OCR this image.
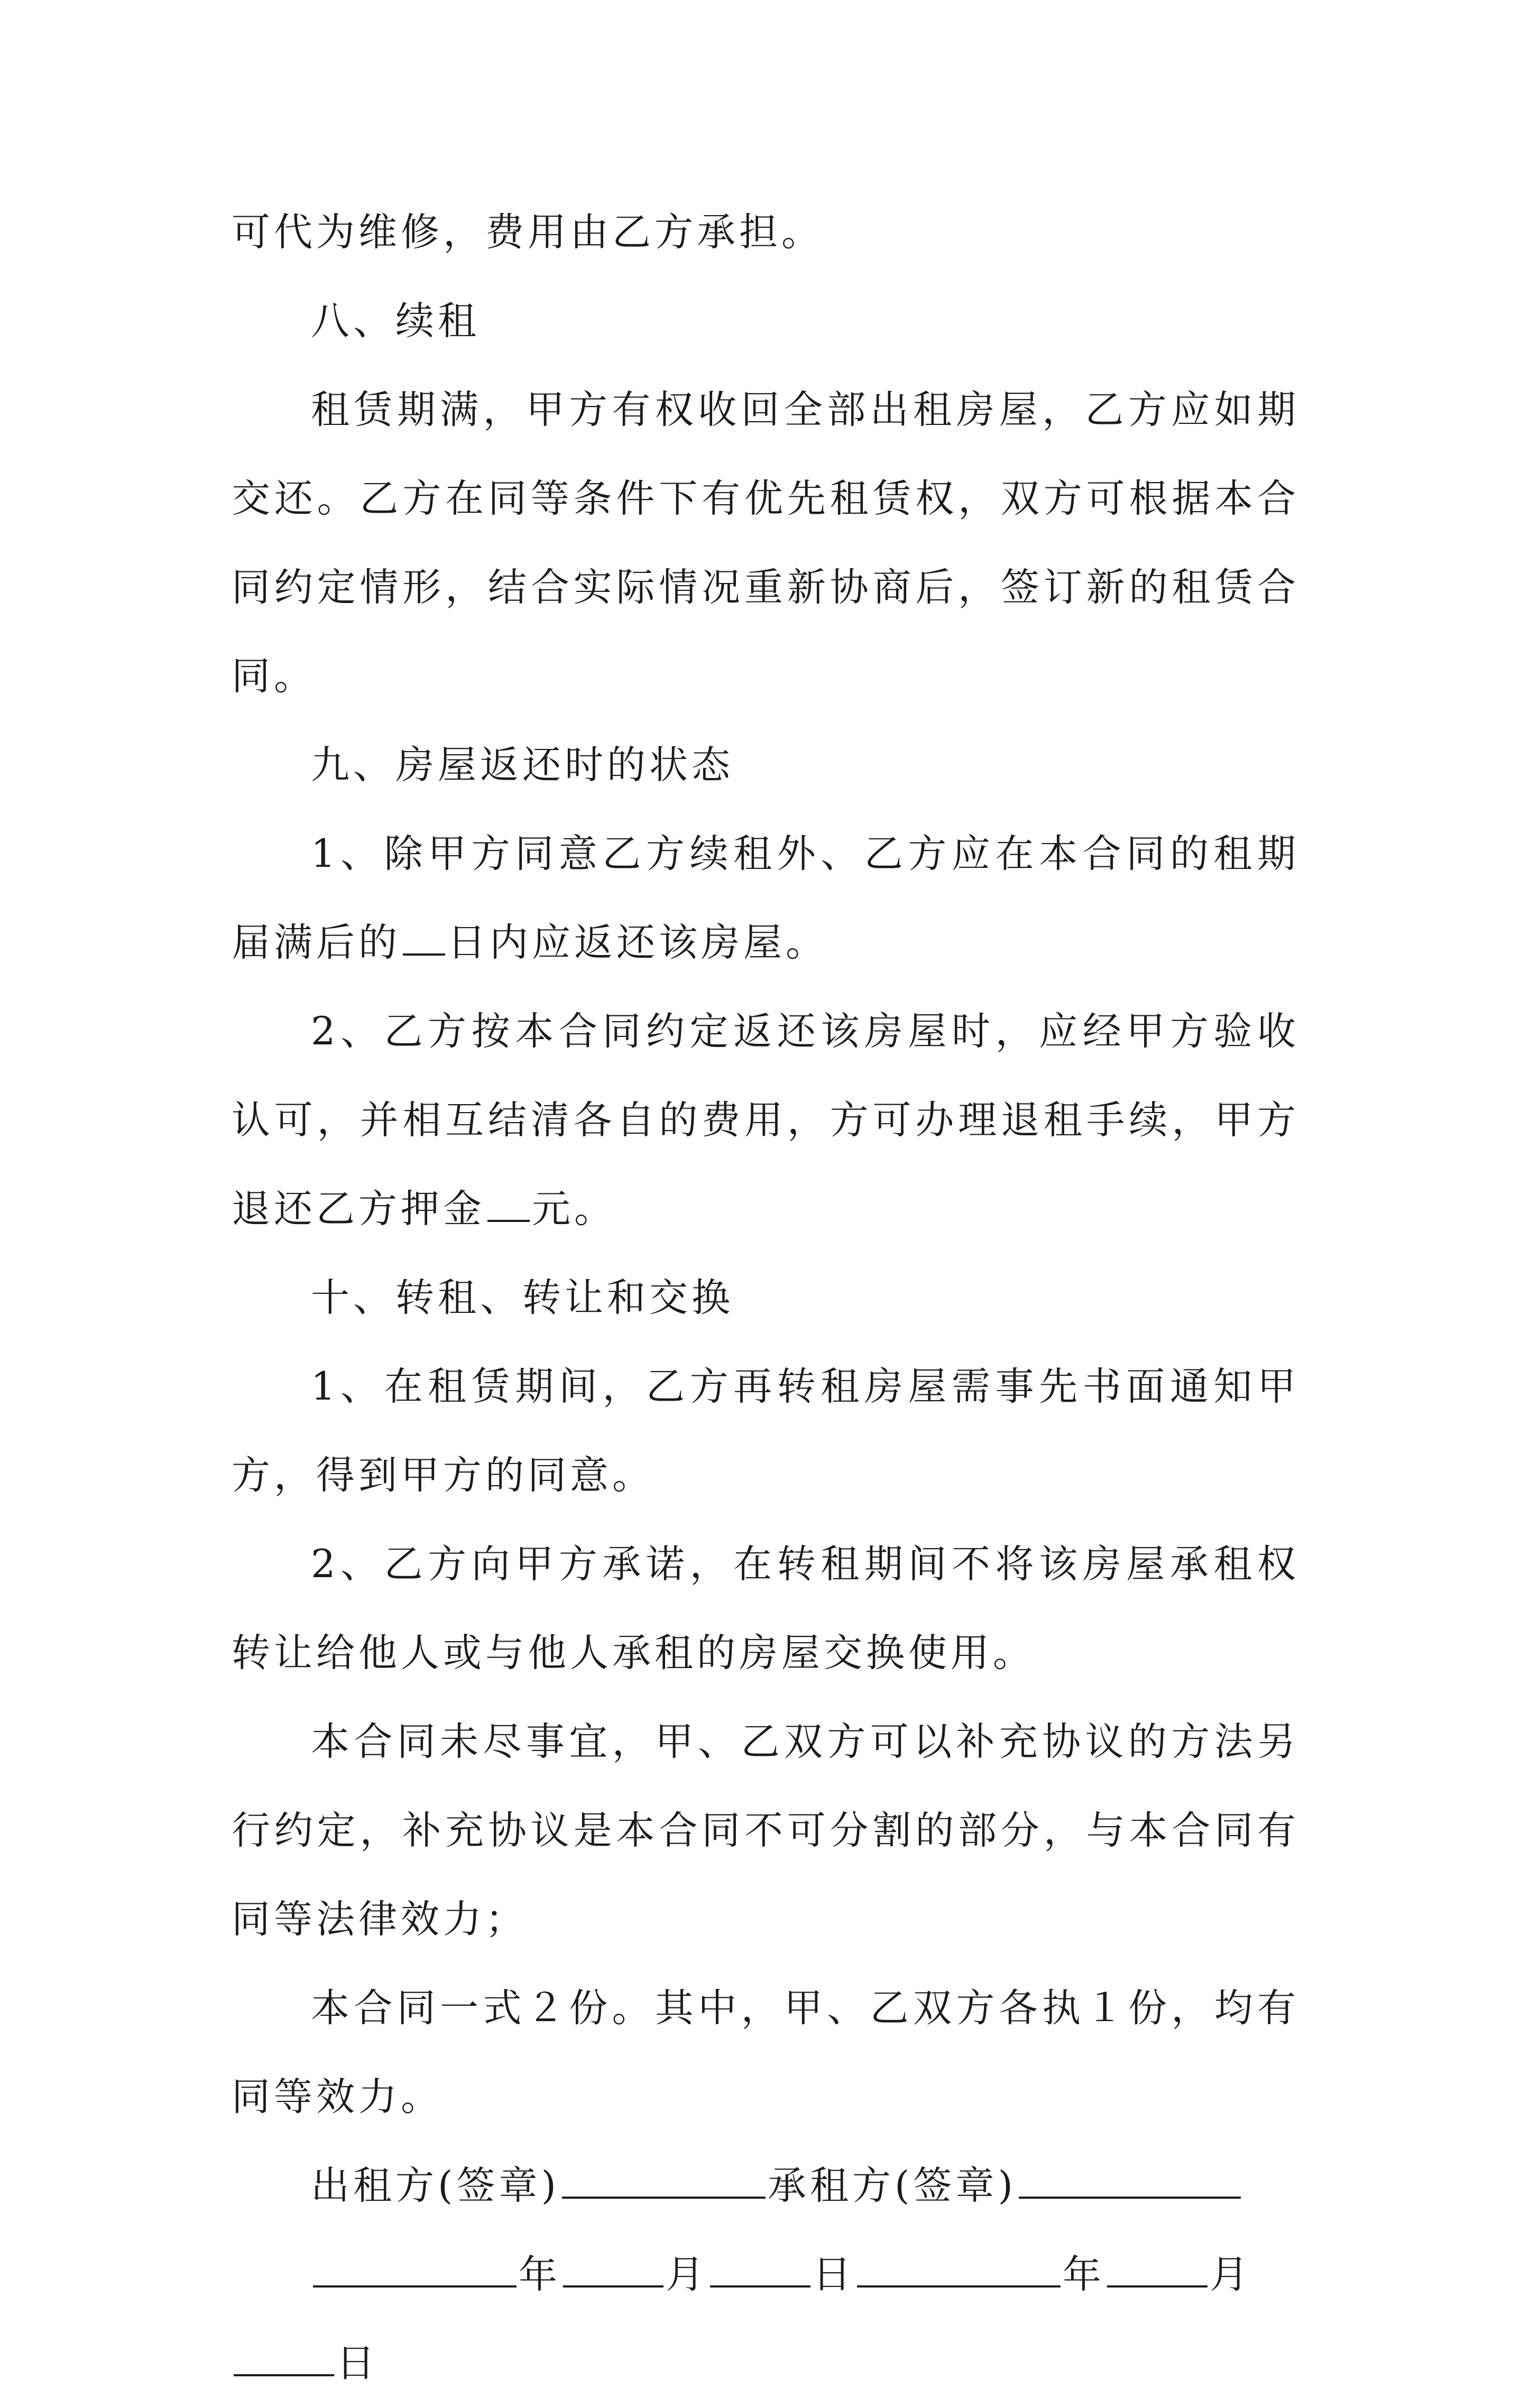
可代为维修，费用由乙方承担。

八、续租

租赁期满，甲方有权收回全部出租房屋，乙方应如期交还。乙方在同等条件下有优先租赁权，双方可根据本合同约定情形，结合实际情况重新协商后，签订新的租赁合同。

九、房屋返还时的状态

1、除甲方同意乙方续租外、乙方应在本合同的租期届满后的 日内应返还该房屋。

2、乙方按本合同约定返还该房屋时，应经甲方验收认可，并相互结清各自的费用，方可办理退租手续，甲方退还乙方押金 元。

十、转租、转让和交换

1、在租赁期间，乙方再转租房屋需事先书面通知甲方，得到甲方的同意。

2、乙方向甲方承诺，在转租期间不将该房屋承租权转让给他人或与他人承租的房屋交换使用。

本合同未尽事宜，甲、乙双方可以补充协议的方法另行约定，补充协议是本合同不可分割的部分，与本合同有同等法律效力；

本合同一式２份。其中，甲、乙双方各执１份，均有同等效力。

出租方(签章)	承租方(签章)

年	月	日	年	月

日
